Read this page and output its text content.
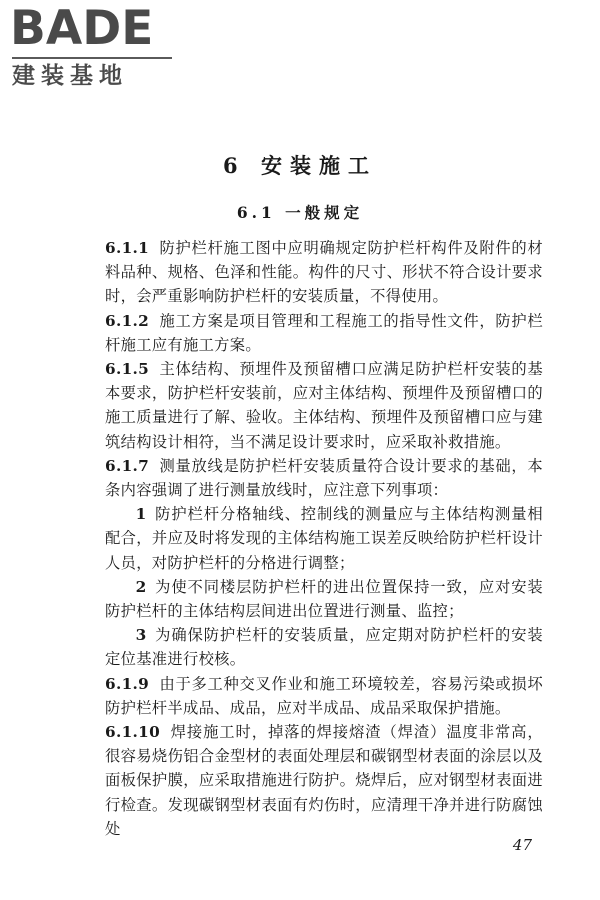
BADE
建装基地
6 安装施工
6.1 一般规定

6.1.1 防护栏杆施工图中应明确规定防护栏杆构件及附件的材料品种、规格、色泽和性能。构件的尺寸、形状不符合设计要求时，会严重影响防护栏杆的安装质量，不得使用。

6.1.2 施工方案是项目管理和工程施工的指导性文件，防护栏杆施工应有施工方案。

6.1.5 主体结构、预埋件及预留槽口应满足防护栏杆安装的基本要求，防护栏杆安装前，应对主体结构、预埋件及预留槽口的施工质量进行了解、验收。主体结构、预埋件及预留槽口应与建筑结构设计相符，当不满足设计要求时，应采取补救措施。

6.1.7 测量放线是防护栏杆安装质量符合设计要求的基础，本条内容强调了进行测量放线时，应注意下列事项：

1 防护栏杆分格轴线、控制线的测量应与主体结构测量相配合，并应及时将发现的主体结构施工误差反映给防护栏杆设计人员，对防护栏杆的分格进行调整；

2 为使不同楼层防护栏杆的进出位置保持一致，应对安装防护栏杆的主体结构层间进出位置进行测量、监控；

3 为确保防护栏杆的安装质量，应定期对防护栏杆的安装定位基准进行校核。

6.1.9 由于多工种交叉作业和施工环境较差，容易污染或损坏防护栏杆半成品、成品，应对半成品、成品采取保护措施。

6.1.10 焊接施工时，掉落的焊接熔渣（焊渣）温度非常高，很容易烧伤铝合金型材的表面处理层和碳钢型材表面的涂层以及面板保护膜，应采取措施进行防护。烧焊后，应对钢型材表面进行检查。发现碳钢型材表面有灼伤时，应清理干净并进行防腐蚀处

47
